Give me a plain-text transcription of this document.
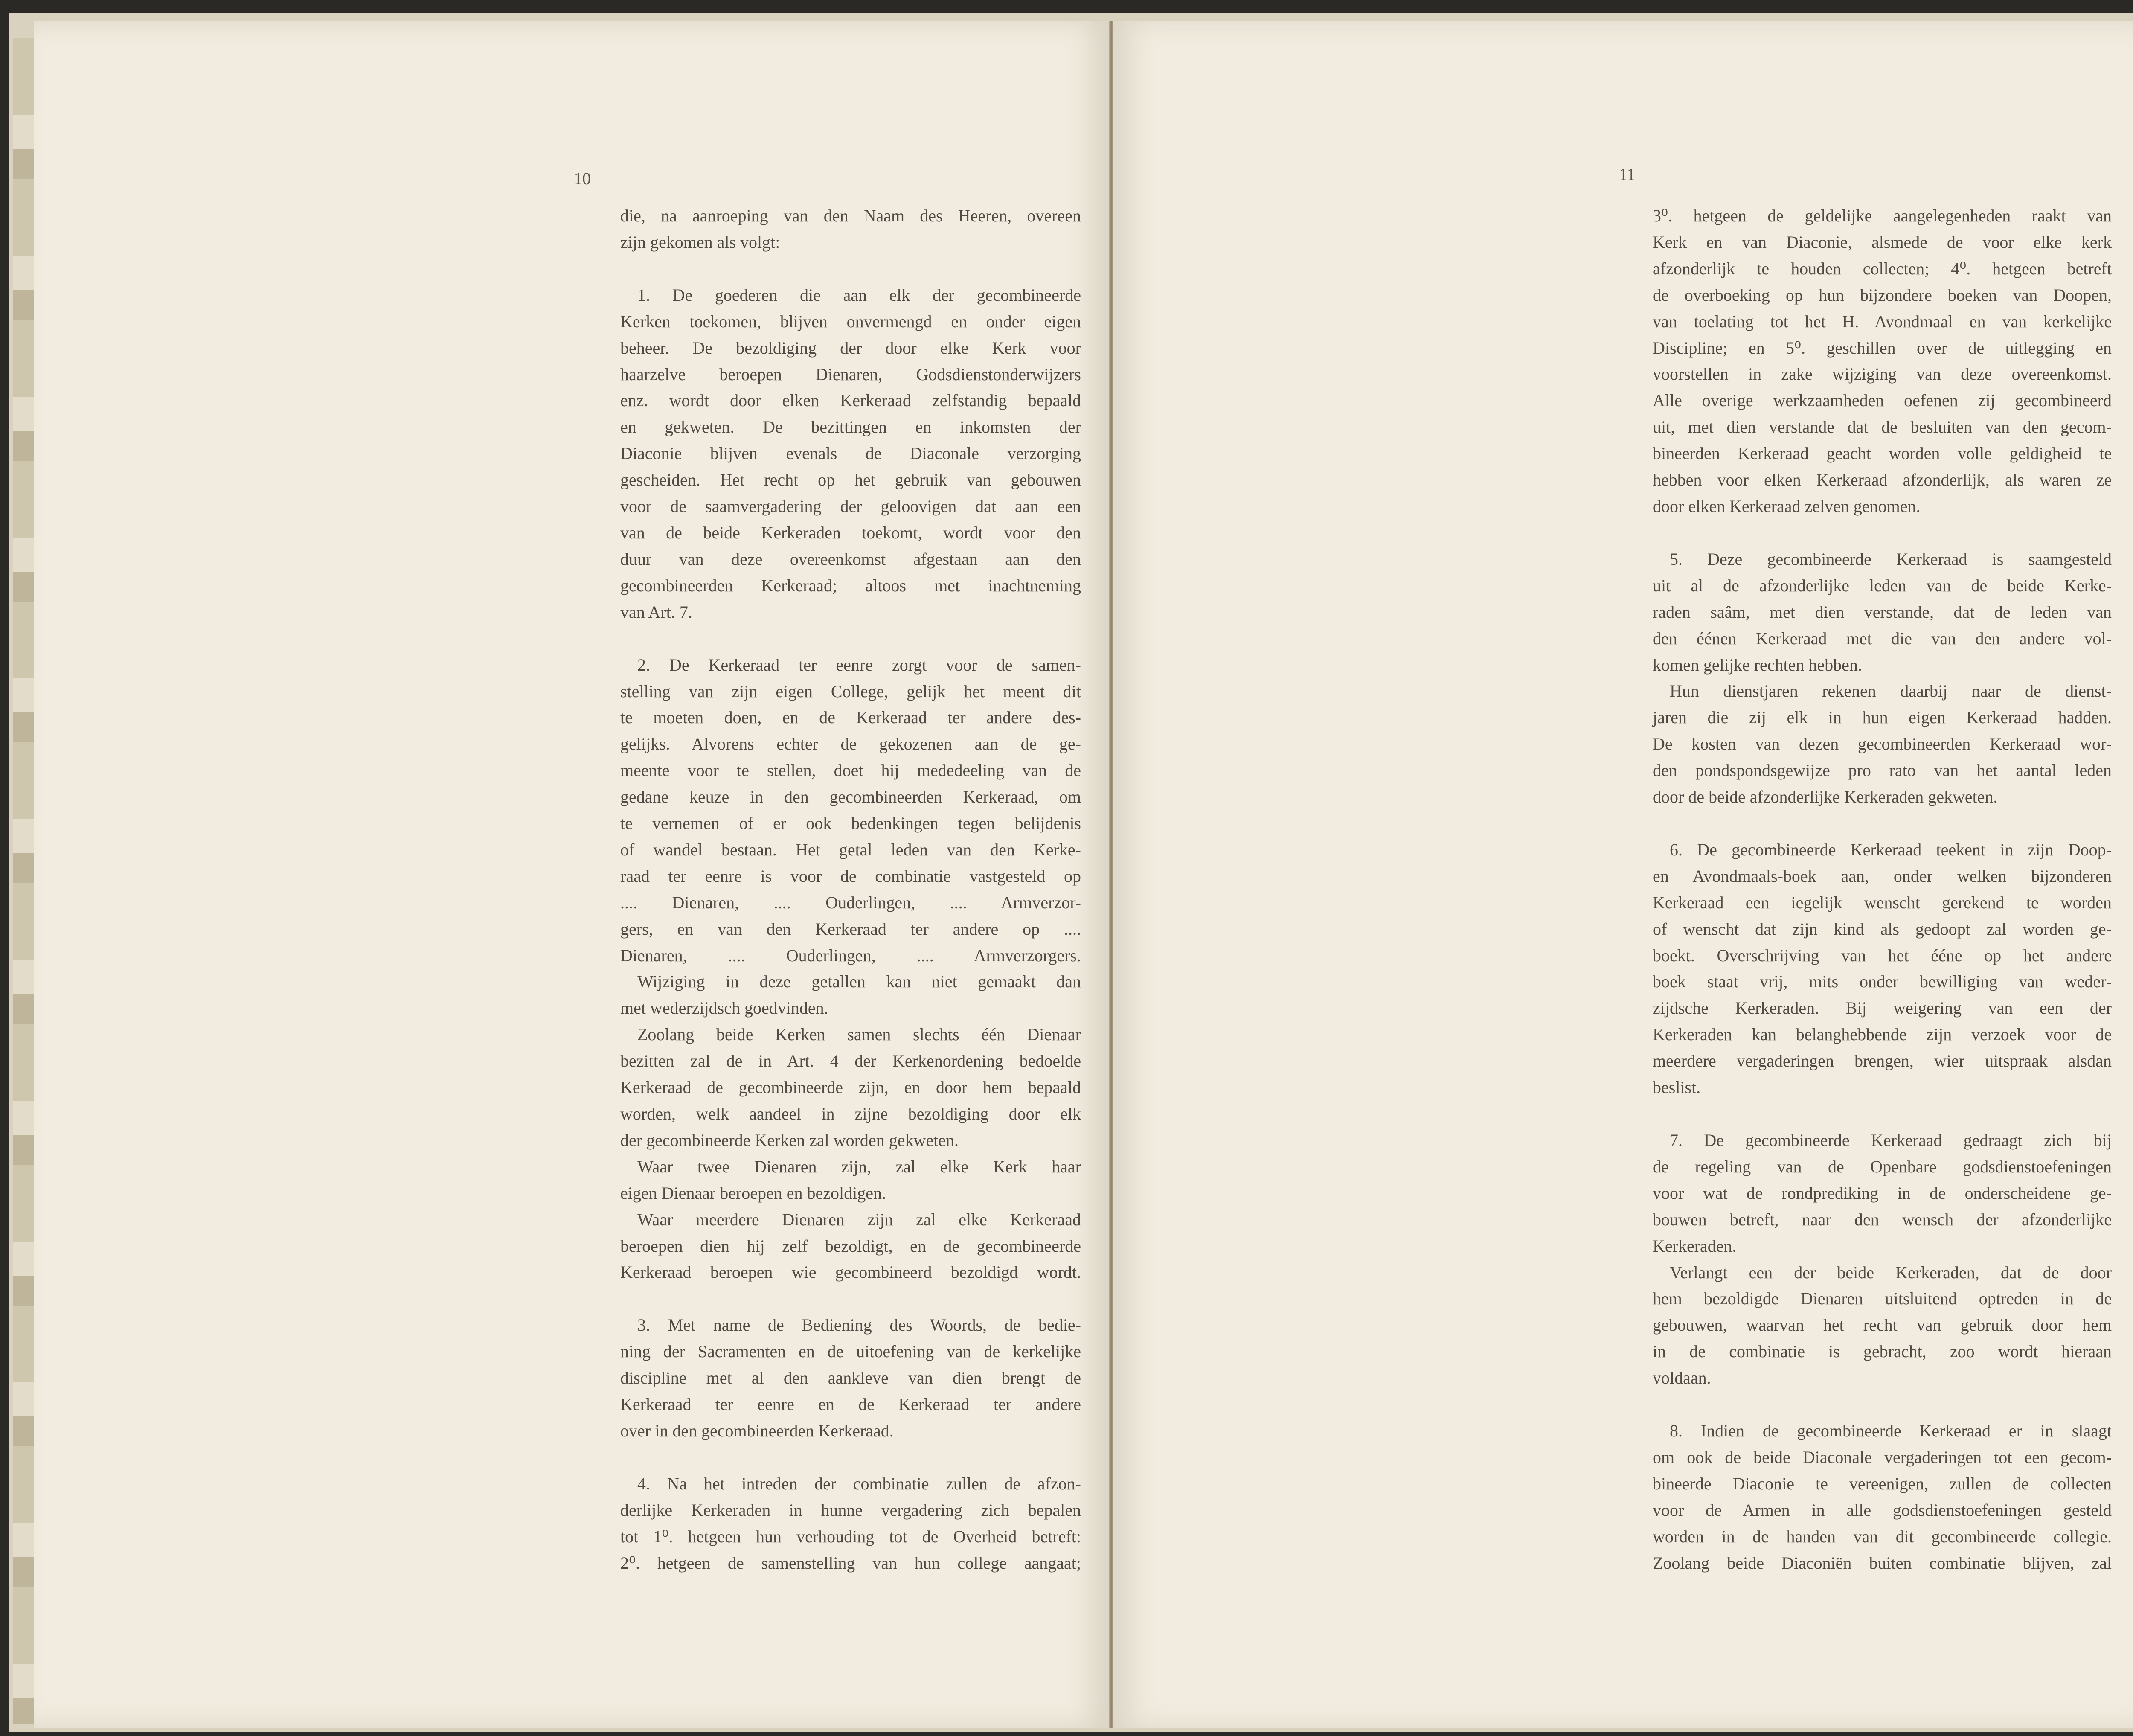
10

die, na aanroeping van den Naam des Heeren, overeen

zijn gekomen als volgt:

1. De goederen die aan elk der gecombineerde

Kerken toekomen, blijven onvermengd en onder eigen

beheer. De bezoldiging der door elke Kerk voor

haarzelve beroepen Dienaren, Godsdienstonderwijzers

enz. wordt door elken Kerkeraad zelfstandig bepaald

en gekweten. De bezittingen en inkomsten der

Diaconie blijven evenals de Diaconale verzorging

gescheiden. Het recht op het gebruik van gebouwen

voor de saamvergadering der geloovigen dat aan een

van de beide Kerkeraden toekomt, wordt voor den

duur van deze overeenkomst afgestaan aan den

gecombineerden Kerkeraad; altoos met inachtneming

van Art. 7.

2. De Kerkeraad ter eenre zorgt voor de samen-

stelling van zijn eigen College, gelijk het meent dit

te moeten doen, en de Kerkeraad ter andere des-

gelijks. Alvorens echter de gekozenen aan de ge-

meente voor te stellen, doet hij mededeeling van de

gedane keuze in den gecombineerden Kerkeraad, om

te vernemen of er ook bedenkingen tegen belijdenis

of wandel bestaan. Het getal leden van den Kerke-

raad ter eenre is voor de combinatie vastgesteld op

.... Dienaren, .... Ouderlingen, .... Armverzor-

gers, en van den Kerkeraad ter andere op ....

Dienaren, .... Ouderlingen, .... Armverzorgers.

Wijziging in deze getallen kan niet gemaakt dan

met wederzijdsch goedvinden.

Zoolang beide Kerken samen slechts één Dienaar

bezitten zal de in Art. 4 der Kerkenordening bedoelde

Kerkeraad de gecombineerde zijn, en door hem bepaald

worden, welk aandeel in zijne bezoldiging door elk

der gecombineerde Kerken zal worden gekweten.

Waar twee Dienaren zijn, zal elke Kerk haar

eigen Dienaar beroepen en bezoldigen.

Waar meerdere Dienaren zijn zal elke Kerkeraad

beroepen dien hij zelf bezoldigt, en de gecombineerde

Kerkeraad beroepen wie gecombineerd bezoldigd wordt.

3. Met name de Bediening des Woords, de bedie-

ning der Sacramenten en de uitoefening van de kerkelijke

discipline met al den aankleve van dien brengt de

Kerkeraad ter eenre en de Kerkeraad ter andere

over in den gecombineerden Kerkeraad.

4. Na het intreden der combinatie zullen de afzon-

derlijke Kerkeraden in hunne vergadering zich bepalen

tot 1⁰. hetgeen hun verhouding tot de Overheid betreft:

2⁰. hetgeen de samenstelling van hun college aangaat;

11

3⁰. hetgeen de geldelijke aangelegenheden raakt van

Kerk en van Diaconie, alsmede de voor elke kerk

afzonderlijk te houden collecten; 4⁰. hetgeen betreft

de overboeking op hun bijzondere boeken van Doopen,

van toelating tot het H. Avondmaal en van kerkelijke

Discipline; en 5⁰. geschillen over de uitlegging en

voorstellen in zake wijziging van deze overeenkomst.

Alle overige werkzaamheden oefenen zij gecombineerd

uit, met dien verstande dat de besluiten van den gecom-

bineerden Kerkeraad geacht worden volle geldigheid te

hebben voor elken Kerkeraad afzonderlijk, als waren ze

door elken Kerkeraad zelven genomen.

5. Deze gecombineerde Kerkeraad is saamgesteld

uit al de afzonderlijke leden van de beide Kerke-

raden saâm, met dien verstande, dat de leden van

den éénen Kerkeraad met die van den andere vol-

komen gelijke rechten hebben.

Hun dienstjaren rekenen daarbij naar de dienst-

jaren die zij elk in hun eigen Kerkeraad hadden.

De kosten van dezen gecombineerden Kerkeraad wor-

den pondspondsgewijze pro rato van het aantal leden

door de beide afzonderlijke Kerkeraden gekweten.

6. De gecombineerde Kerkeraad teekent in zijn Doop-

en Avondmaals-boek aan, onder welken bijzonderen

Kerkeraad een iegelijk wenscht gerekend te worden

of wenscht dat zijn kind als gedoopt zal worden ge-

boekt. Overschrijving van het ééne op het andere

boek staat vrij, mits onder bewilliging van weder-

zijdsche Kerkeraden. Bij weigering van een der

Kerkeraden kan belanghebbende zijn verzoek voor de

meerdere vergaderingen brengen, wier uitspraak alsdan

beslist.

7. De gecombineerde Kerkeraad gedraagt zich bij

de regeling van de Openbare godsdienstoefeningen

voor wat de rondprediking in de onderscheidene ge-

bouwen betreft, naar den wensch der afzonderlijke

Kerkeraden.

Verlangt een der beide Kerkeraden, dat de door

hem bezoldigde Dienaren uitsluitend optreden in de

gebouwen, waarvan het recht van gebruik door hem

in de combinatie is gebracht, zoo wordt hieraan

voldaan.

8. Indien de gecombineerde Kerkeraad er in slaagt

om ook de beide Diaconale vergaderingen tot een gecom-

bineerde Diaconie te vereenigen, zullen de collecten

voor de Armen in alle godsdienstoefeningen gesteld

worden in de handen van dit gecombineerde collegie.

Zoolang beide Diaconiën buiten combinatie blijven, zal
